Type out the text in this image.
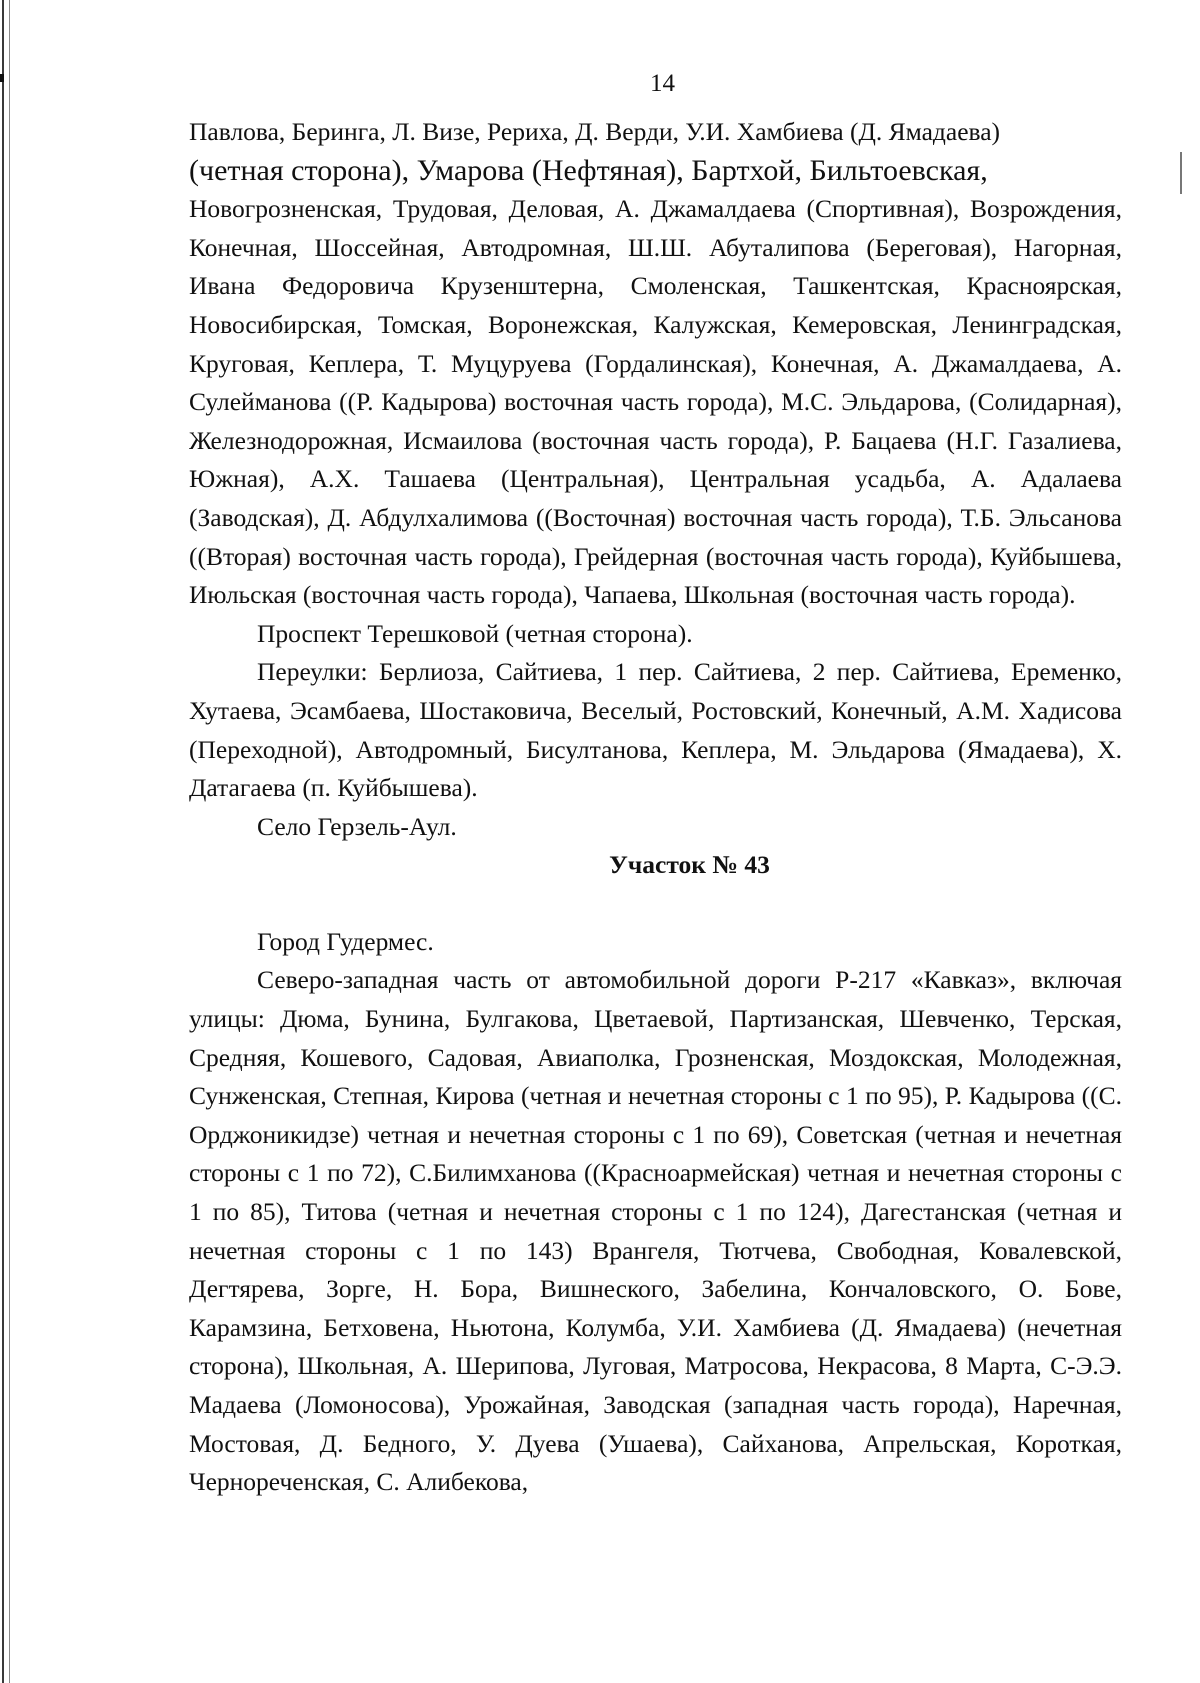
14

Павлова, Беринга, Л. Визе, Рериха, Д. Верди, У.И. Хамбиева (Д. Ямадаева)

(четная сторона), Умарова (Нефтяная), Бартхой, Бильтоевская,

Новогрозненская, Трудовая, Деловая, А. Джамалдаева (Спортивная), Возрождения, Конечная, Шоссейная, Автодромная, Ш.Ш. Абуталипова (Береговая), Нагорная, Ивана Федоровича Крузенштерна, Смоленская, Ташкентская, Красноярская, Новосибирская, Томская, Воронежская, Калужская, Кемеровская, Ленинградская, Круговая, Кеплера, Т. Муцуруева (Гордалинская), Конечная, А. Джамалдаева, А. Сулейманова ((Р. Кадырова) восточная часть города), М.С. Эльдарова, (Солидарная), Железнодорожная, Исмаилова (восточная часть города), Р. Бацаева (Н.Г. Газалиева, Южная), А.Х. Ташаева (Центральная), Центральная усадьба, А. Адалаева (Заводская), Д. Абдулхалимова ((Восточная) восточная часть города), Т.Б. Эльсанова ((Вторая) восточная часть города), Грейдерная (восточная часть города), Куйбышева, Июльская (восточная часть города), Чапаева, Школьная (восточная часть города).

Проспект Терешковой (четная сторона).

Переулки: Берлиоза, Сайтиева, 1 пер. Сайтиева, 2 пер. Сайтиева, Еременко, Хутаева, Эсамбаева, Шостаковича, Веселый, Ростовский, Конечный, А.М. Хадисова (Переходной), Автодромный, Бисултанова, Кеплера, М. Эльдарова (Ямадаева), Х. Датагаева (п. Куйбышева).

Село Герзель-Аул.

Участок № 43

Город Гудермес.

Северо-западная часть от автомобильной дороги Р-217 «Кавказ», включая улицы: Дюма, Бунина, Булгакова, Цветаевой, Партизанская, Шевченко, Терская, Средняя, Кошевого, Садовая, Авиаполка, Грозненская, Моздокская, Молодежная, Сунженская, Степная, Кирова (четная и нечетная стороны с 1 по 95), Р. Кадырова ((С. Орджоникидзе) четная и нечетная стороны с 1 по 69), Советская (четная и нечетная стороны с 1 по 72), С.Билимханова ((Красноармейская) четная и нечетная стороны с 1 по 85), Титова (четная и нечетная стороны с 1 по 124), Дагестанская (четная и нечетная стороны с 1 по 143) Врангеля, Тютчева, Свободная, Ковалевской, Дегтярева, Зорге, Н. Бора, Вишнеского, Забелина, Кончаловского, О. Бове, Карамзина, Бетховена, Ньютона, Колумба, У.И. Хамбиева (Д. Ямадаева) (нечетная сторона), Школьная, А. Шерипова, Луговая, Матросова, Некрасова, 8 Марта, С-Э.Э. Мадаева (Ломоносова), Урожайная, Заводская (западная часть города), Наречная, Мостовая, Д. Бедного, У. Дуева (Ушаева), Сайханова, Апрельская, Короткая, Чернореченская, С. Алибекова,
